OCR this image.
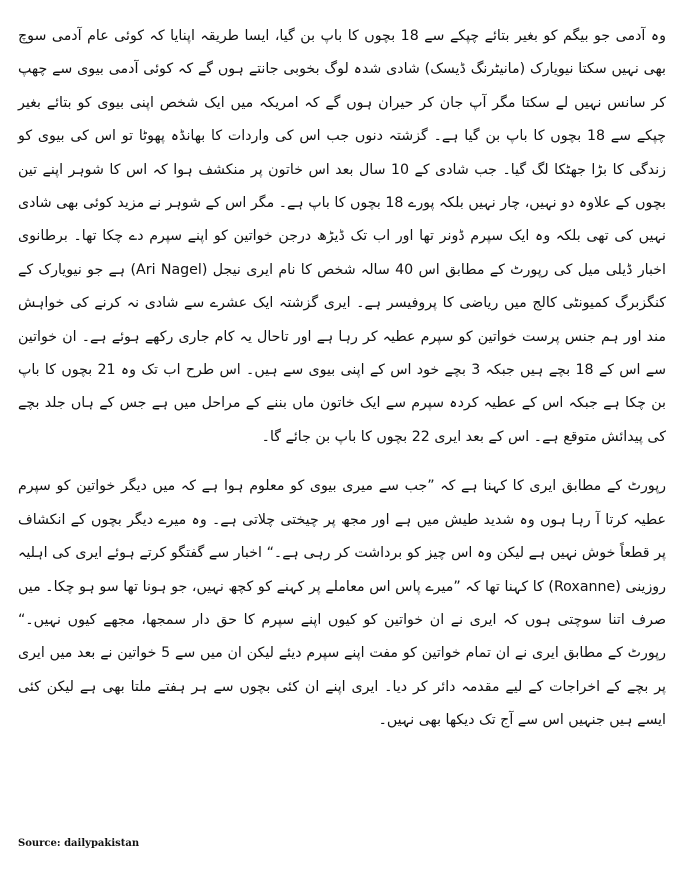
وہ آدمی جو بیگم کو بغیر بتائے چپکے سے 18 بچوں کا باپ بن گیا، ایسا طریقہ اپنایا کہ کوئی عام آدمی سوچ بھی نہیں سکتا نیویارک (مانیٹرنگ ڈیسک) شادی شدہ لوگ بخوبی جانتے ہوں گے کہ کوئی آدمی بیوی سے چھپ کر سانس نہیں لے سکتا مگر آپ جان کر حیران ہوں گے کہ امریکہ میں ایک شخص اپنی بیوی کو بتائے بغیر چپکے سے 18 بچوں کا باپ بن گیا ہے۔ گزشتہ دنوں جب اس کی واردات کا بھانڈہ پھوٹا تو اس کی بیوی کو زندگی کا بڑا جھٹکا لگ گیا۔ جب شادی کے 10 سال بعد اس خاتون پر منکشف ہوا کہ اس کا شوہر اپنے تین بچوں کے علاوہ دو نہیں، چار نہیں بلکہ پورے 18 بچوں کا باپ ہے۔ مگر اس کے شوہر نے مزید کوئی بھی شادی نہیں کی تھی بلکہ وہ ایک سپرم ڈونر تھا اور اب تک ڈیڑھ درجن خواتین کو اپنے سپرم دے چکا تھا۔ برطانوی اخبار ڈیلی میل کی رپورٹ کے مطابق اس 40 سالہ شخص کا نام ایری نیجل (Ari Nagel) ہے جو نیویارک کے کنگزبرگ کمیونٹی کالج میں ریاضی کا پروفیسر ہے۔ ایری گزشتہ ایک عشرے سے شادی نہ کرنے کی خواہش مند اور ہم جنس پرست خواتین کو سپرم عطیہ کر رہا ہے اور تاحال یہ کام جاری رکھے ہوئے ہے۔ ان خواتین سے اس کے 18 بچے ہیں جبکہ 3 بچے خود اس کے اپنی بیوی سے ہیں۔ اس طرح اب تک وہ 21 بچوں کا باپ بن چکا ہے جبکہ اس کے عطیہ کردہ سپرم سے ایک خاتون ماں بننے کے مراحل میں ہے جس کے ہاں جلد بچے کی پیدائش متوقع ہے۔ اس کے بعد ایری 22 بچوں کا باپ بن جائے گا۔

رپورٹ کے مطابق ایری کا کہنا ہے کہ ”جب سے میری بیوی کو معلوم ہوا ہے کہ میں دیگر خواتین کو سپرم عطیہ کرتا آ رہا ہوں وہ شدید طیش میں ہے اور مجھ پر چیختی چلاتی ہے۔ وہ میرے دیگر بچوں کے انکشاف پر قطعاً خوش نہیں ہے لیکن وہ اس چیز کو برداشت کر رہی ہے۔“ اخبار سے گفتگو کرتے ہوئے ایری کی اہلیہ روزینی (Roxanne) کا کہنا تھا کہ ”میرے پاس اس معاملے پر کہنے کو کچھ نہیں، جو ہونا تھا سو ہو چکا۔ میں صرف اتنا سوچتی ہوں کہ ایری نے ان خواتین کو کیوں اپنے سپرم کا حق دار سمجھا، مجھے کیوں نہیں۔“ رپورٹ کے مطابق ایری نے ان تمام خواتین کو مفت اپنے سپرم دیئے لیکن ان میں سے 5 خواتین نے بعد میں ایری پر بچے کے اخراجات کے لیے مقدمہ دائر کر دیا۔ ایری اپنے ان کئی بچوں سے ہر ہفتے ملتا بھی ہے لیکن کئی ایسے ہیں جنہیں اس سے آج تک دیکھا بھی نہیں۔

Source: dailypakistan
